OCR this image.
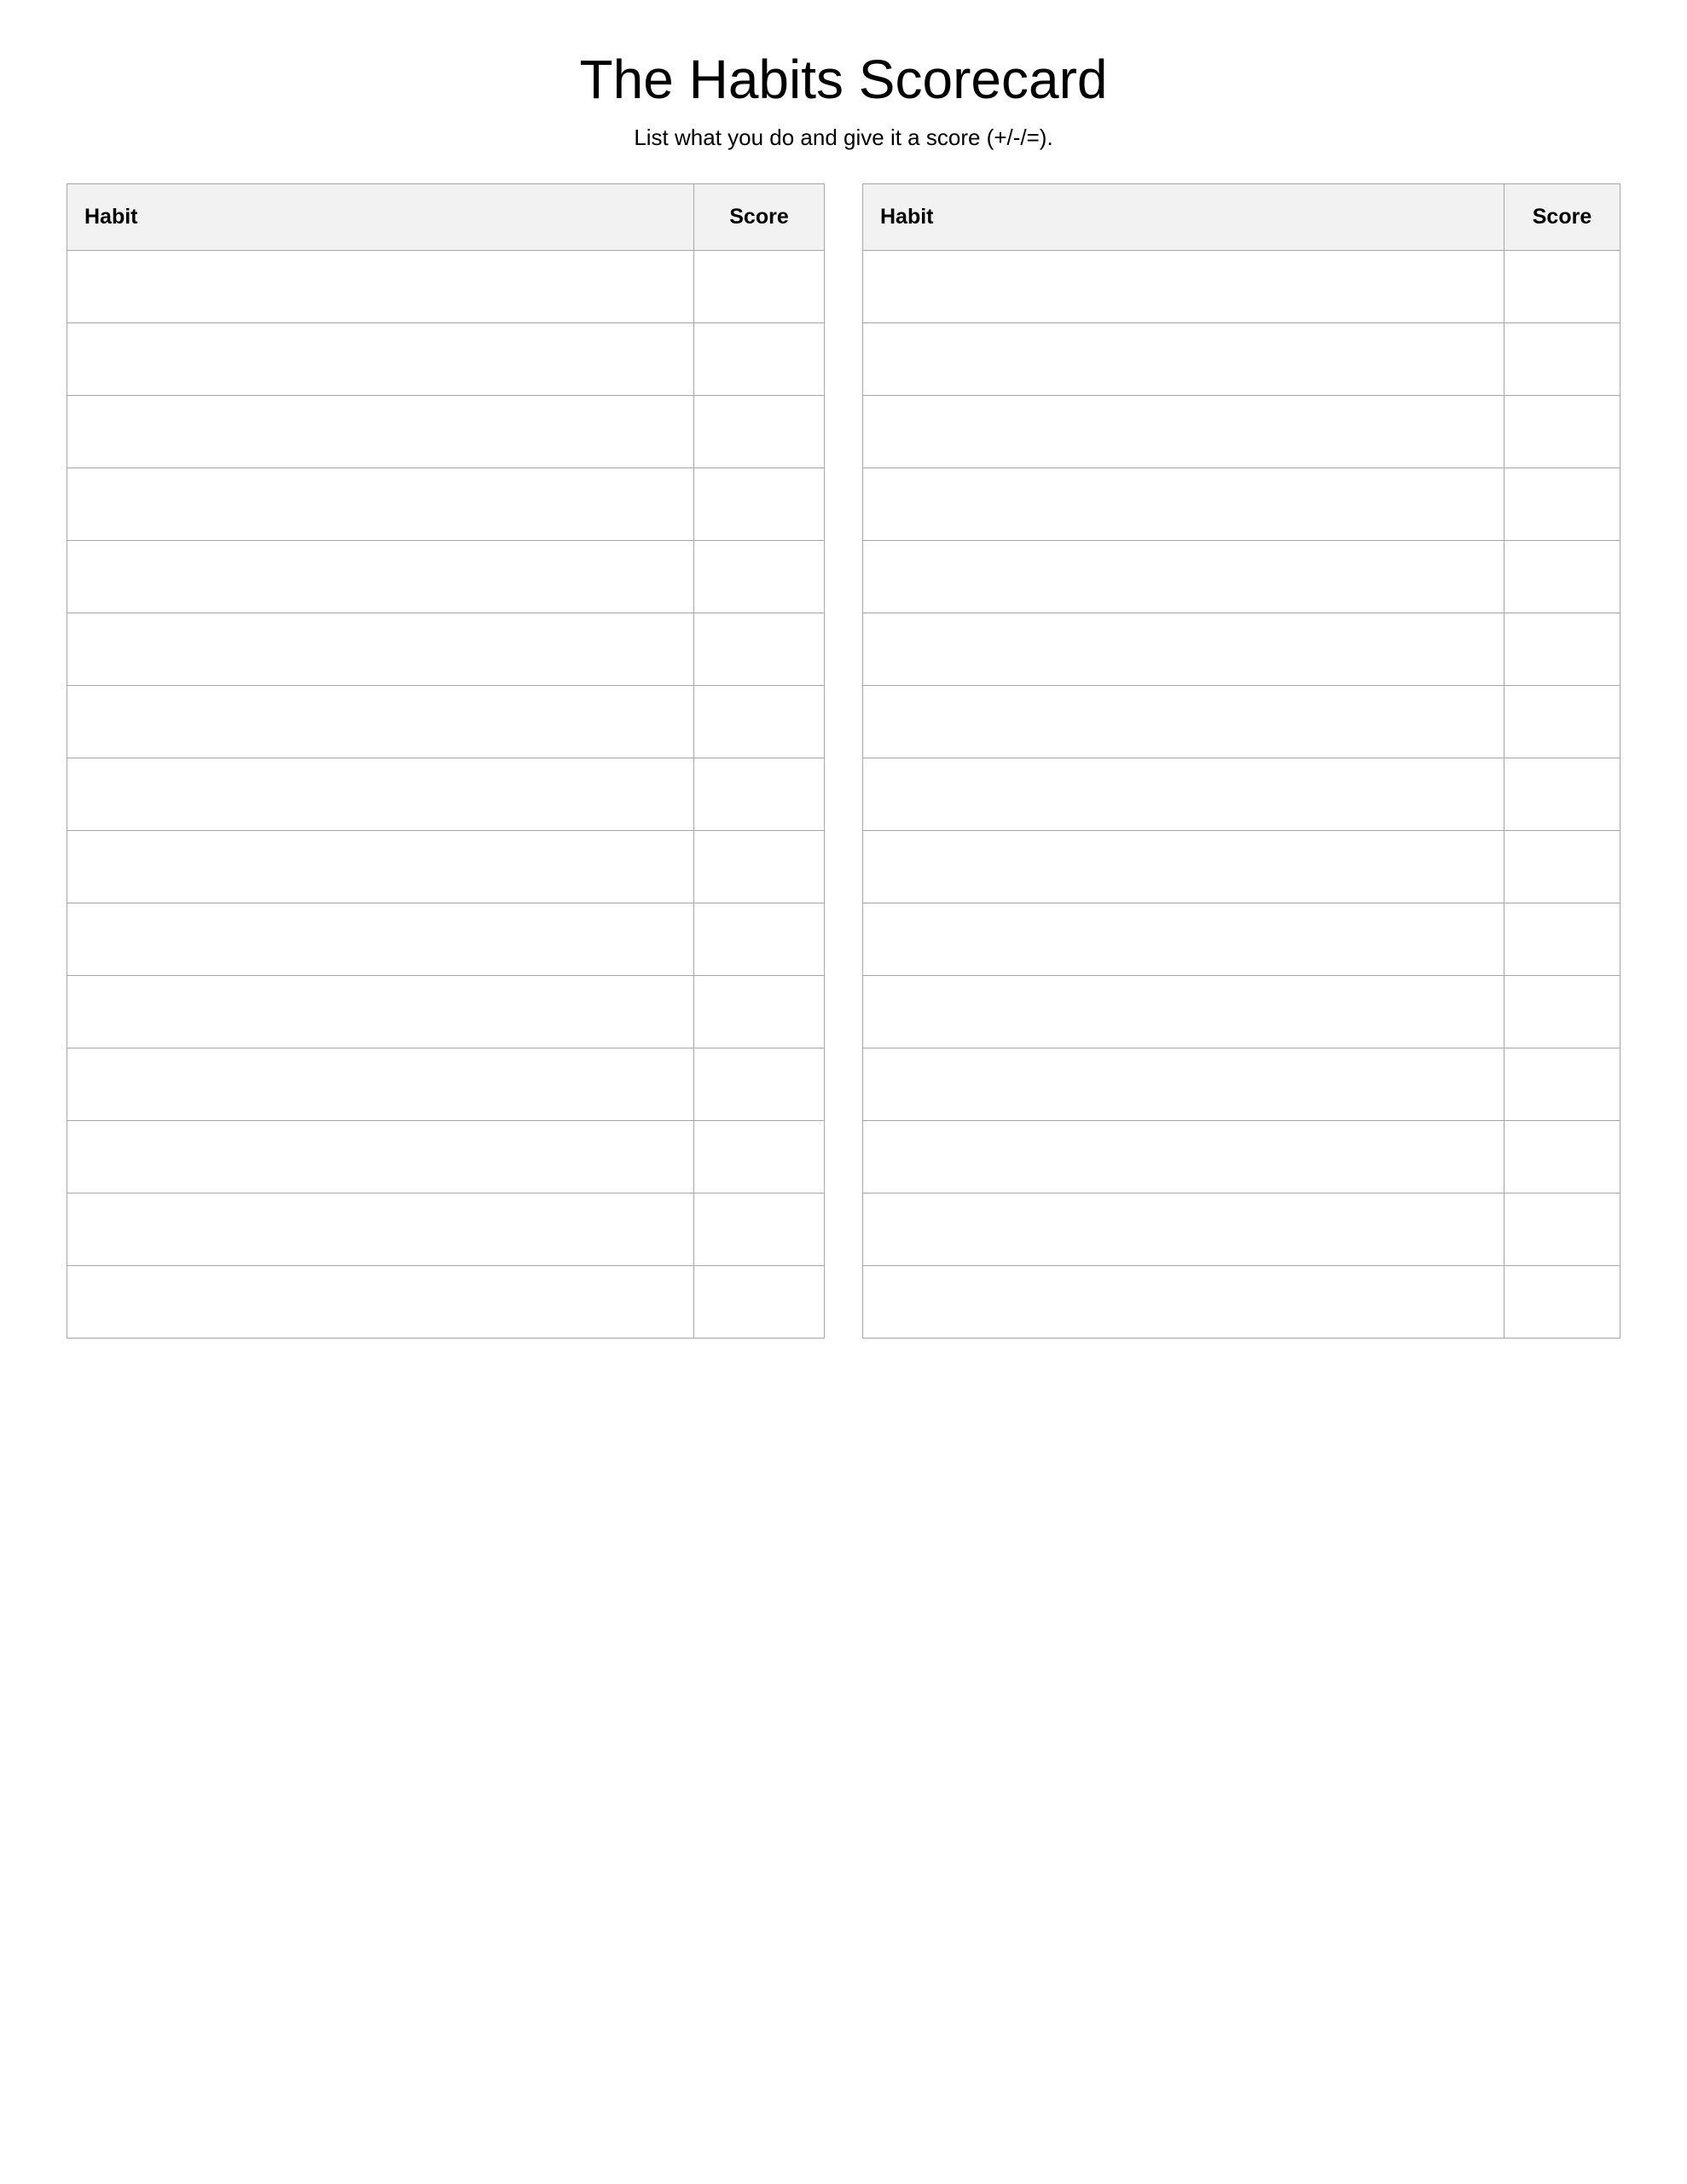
The Habits Scorecard

List what you do and give it a score (+/-/=).

Habit	Score

		Habit	Score
